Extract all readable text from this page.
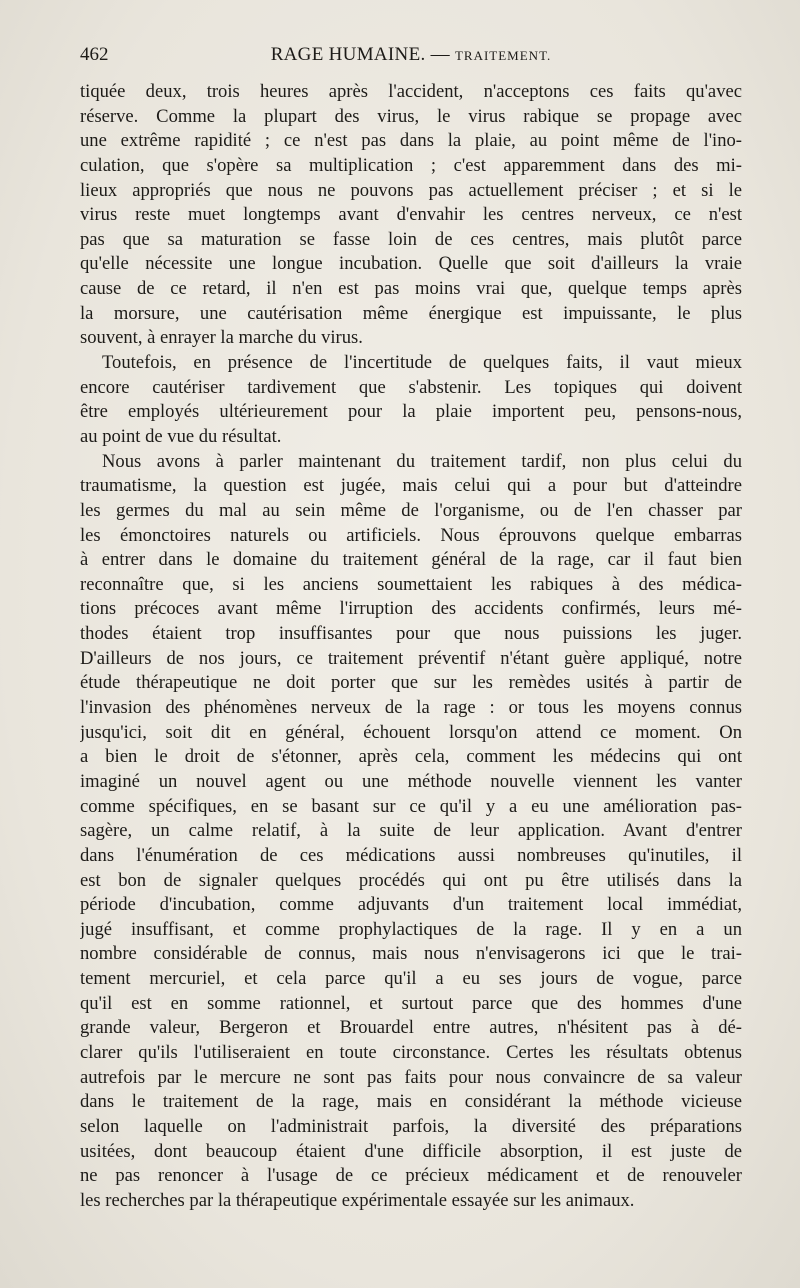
462	RAGE HUMAINE. — TRAITEMENT.
tiquée deux, trois heures après l'accident, n'acceptons ces faits qu'avec
réserve. Comme la plupart des virus, le virus rabique se propage avec
une extrême rapidité ; ce n'est pas dans la plaie, au point même de l'ino-
culation, que s'opère sa multiplication ; c'est apparemment dans des mi-
lieux appropriés que nous ne pouvons pas actuellement préciser ; et si le
virus reste muet longtemps avant d'envahir les centres nerveux, ce n'est
pas que sa maturation se fasse loin de ces centres, mais plutôt parce
qu'elle nécessite une longue incubation. Quelle que soit d'ailleurs la vraie
cause de ce retard, il n'en est pas moins vrai que, quelque temps après
la morsure, une cautérisation même énergique est impuissante, le plus
souvent, à enrayer la marche du virus.
Toutefois, en présence de l'incertitude de quelques faits, il vaut mieux
encore cautériser tardivement que s'abstenir. Les topiques qui doivent
être employés ultérieurement pour la plaie importent peu, pensons-nous,
au point de vue du résultat.
Nous avons à parler maintenant du traitement tardif, non plus celui du
traumatisme, la question est jugée, mais celui qui a pour but d'atteindre
les germes du mal au sein même de l'organisme, ou de l'en chasser par
les émonctoires naturels ou artificiels. Nous éprouvons quelque embarras
à entrer dans le domaine du traitement général de la rage, car il faut bien
reconnaître que, si les anciens soumettaient les rabiques à des médica-
tions précoces avant même l'irruption des accidents confirmés, leurs mé-
thodes étaient trop insuffisantes pour que nous puissions les juger.
D'ailleurs de nos jours, ce traitement préventif n'étant guère appliqué, notre
étude thérapeutique ne doit porter que sur les remèdes usités à partir de
l'invasion des phénomènes nerveux de la rage : or tous les moyens connus
jusqu'ici, soit dit en général, échouent lorsqu'on attend ce moment. On
a bien le droit de s'étonner, après cela, comment les médecins qui ont
imaginé un nouvel agent ou une méthode nouvelle viennent les vanter
comme spécifiques, en se basant sur ce qu'il y a eu une amélioration pas-
sagère, un calme relatif, à la suite de leur application. Avant d'entrer
dans l'énumération de ces médications aussi nombreuses qu'inutiles, il
est bon de signaler quelques procédés qui ont pu être utilisés dans la
période d'incubation, comme adjuvants d'un traitement local immédiat,
jugé insuffisant, et comme prophylactiques de la rage. Il y en a un
nombre considérable de connus, mais nous n'envisagerons ici que le trai-
tement mercuriel, et cela parce qu'il a eu ses jours de vogue, parce
qu'il est en somme rationnel, et surtout parce que des hommes d'une
grande valeur, Bergeron et Brouardel entre autres, n'hésitent pas à dé-
clarer qu'ils l'utiliseraient en toute circonstance. Certes les résultats obtenus
autrefois par le mercure ne sont pas faits pour nous convaincre de sa valeur
dans le traitement de la rage, mais en considérant la méthode vicieuse
selon laquelle on l'administrait parfois, la diversité des préparations
usitées, dont beaucoup étaient d'une difficile absorption, il est juste de
ne pas renoncer à l'usage de ce précieux médicament et de renouveler
les recherches par la thérapeutique expérimentale essayée sur les animaux.
